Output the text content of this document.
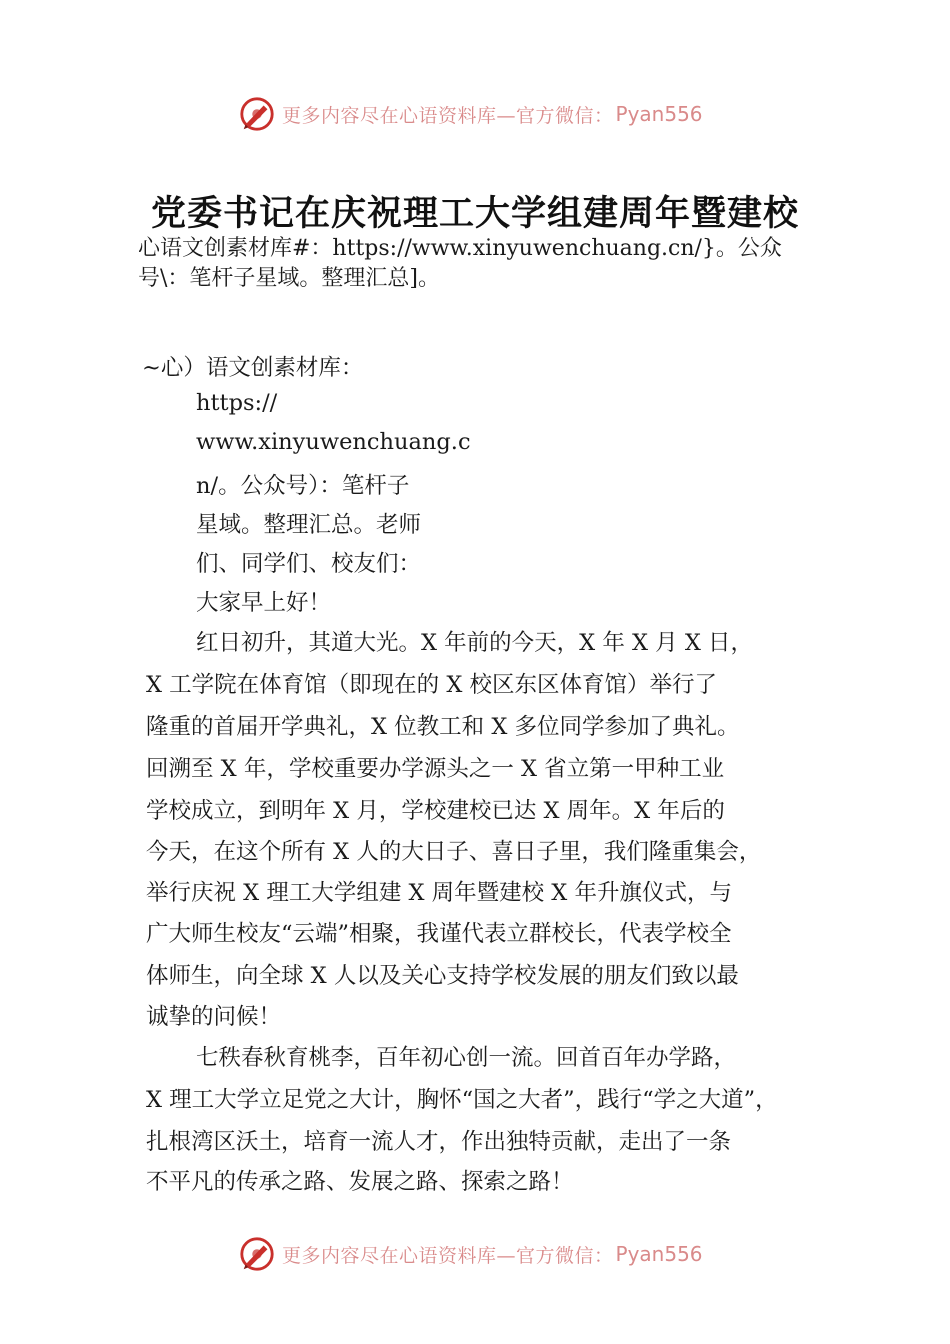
更多内容尽在心语资料库—官方微信： Pyan556
党委书记在庆祝理工大学组建周年暨建校
心语文创素材库#：https://www.xinyuwenchuang.cn/}。公众
号\：笔杆子星域。整理汇总]。
~心）语文创素材库：
https://
www.xinyuwenchuang.c
n/。公众号）：笔杆子
星域。整理汇总。老师
们、同学们、校友们：
大家早上好！
红日初升，其道大光。X 年前的今天，X 年 X 月 X 日，
X 工学院在体育馆（即现在的 X 校区东区体育馆）举行了
隆重的首届开学典礼，X 位教工和 X 多位同学参加了典礼。
回溯至 X 年，学校重要办学源头之一 X 省立第一甲种工业
学校成立，到明年 X 月，学校建校已达 X 周年。X 年后的
今天，在这个所有 X 人的大日子、喜日子里，我们隆重集会，
举行庆祝 X 理工大学组建 X 周年暨建校 X 年升旗仪式，与
广大师生校友“云端”相聚，我谨代表立群校长，代表学校全
体师生，向全球 X 人以及关心支持学校发展的朋友们致以最
诚挚的问候！
七秩春秋育桃李，百年初心创一流。回首百年办学路，
X 理工大学立足党之大计，胸怀“国之大者”，践行“学之大道”，
扎根湾区沃土，培育一流人才，作出独特贡献，走出了一条
不平凡的传承之路、发展之路、探索之路！
更多内容尽在心语资料库—官方微信： Pyan556
